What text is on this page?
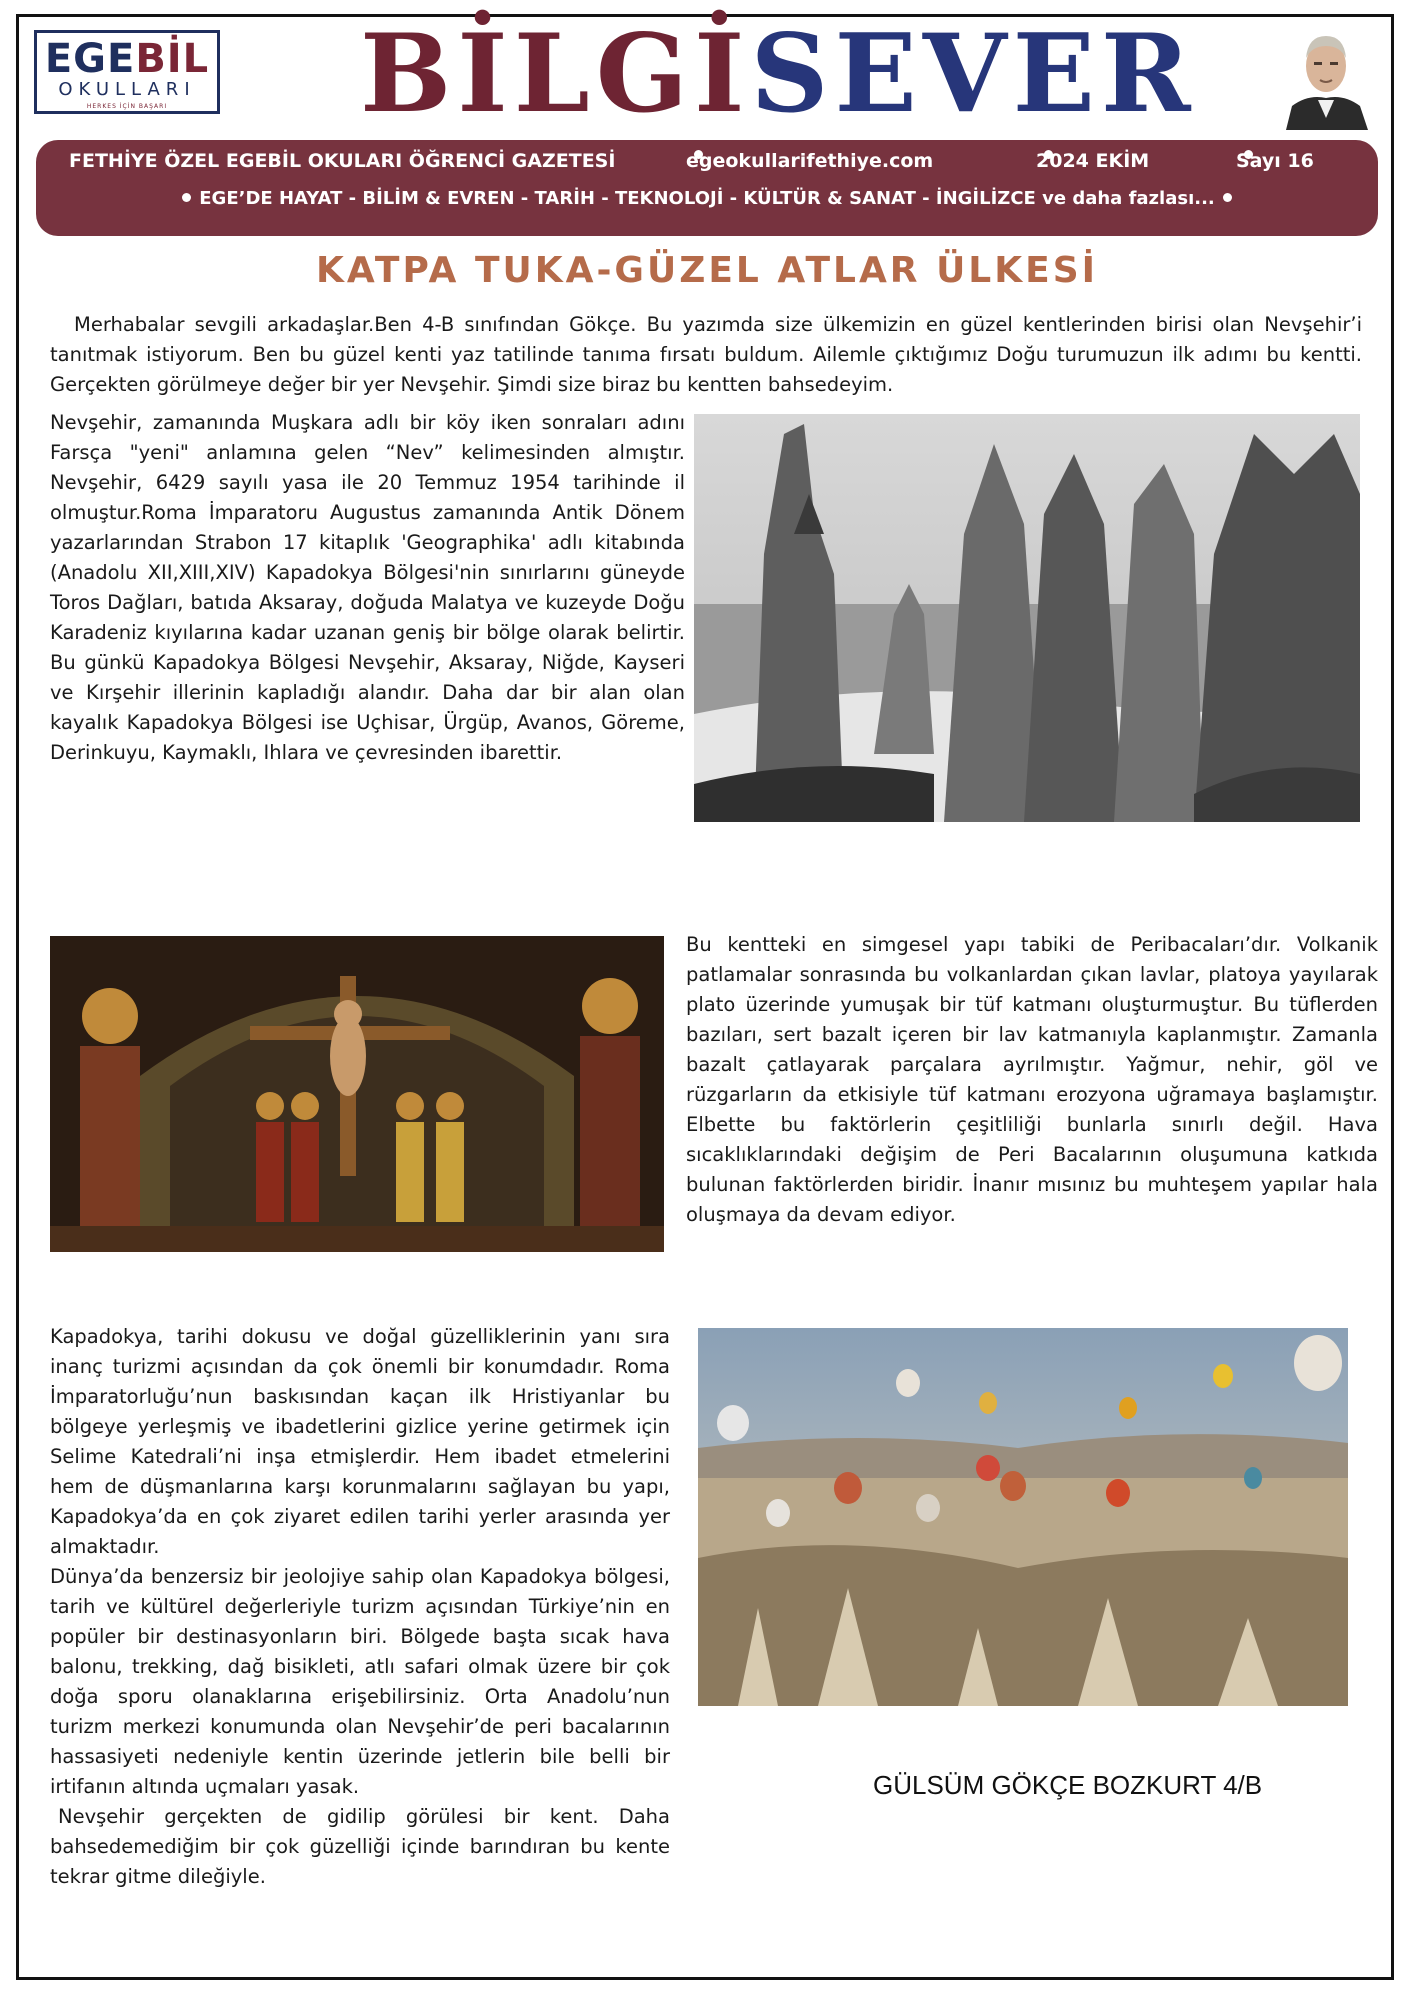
EGEBİL
OKULLARI
HERKES İÇİN BAŞARI	BİLGİSEVER
FETHİYE ÖZEL EGEBİL OKULARI ÖĞRENCİ GAZETESİ	egeokullarifethiye.com	2024 EKİM	Sayı 16
EGE’DE HAYAT - BİLİM & EVREN - TARİH - TEKNOLOJİ - KÜLTÜR & SANAT - İNGİLİZCE ve daha fazlası...
KATPA TUKA-GÜZEL ATLAR ÜLKESİ

Merhabalar sevgili arkadaşlar.Ben 4-B sınıfından Gökçe. Bu yazımda size ülkemizin en güzel kentlerinden birisi olan Nevşehir’i tanıtmak istiyorum. Ben bu güzel kenti yaz tatilinde tanıma fırsatı buldum. Ailemle çıktığımız Doğu turumuzun ilk adımı bu kentti. Gerçekten görülmeye değer bir yer Nevşehir. Şimdi size biraz bu kentten bahsedeyim.

Nevşehir, zamanında Muşkara adlı bir köy iken sonraları adını Farsça "yeni" anlamına gelen “Nev” kelimesinden almıştır. Nevşehir, 6429 sayılı yasa ile 20 Temmuz 1954 tarihinde il olmuştur.Roma İmparatoru Augustus zamanında Antik Dönem yazarlarından Strabon 17 kitaplık 'Geographika' adlı kitabında (Anadolu XII,XIII,XIV) Kapadokya Bölgesi'nin sınırlarını güneyde Toros Dağları, batıda Aksaray, doğuda Malatya ve kuzeyde Doğu Karadeniz kıyılarına kadar uzanan geniş bir bölge olarak belirtir. Bu günkü Kapadokya Bölgesi Nevşehir, Aksaray, Niğde, Kayseri ve Kırşehir illerinin kapladığı alandır. Daha dar bir alan olan kayalık Kapadokya Bölgesi ise Uçhisar, Ürgüp, Avanos, Göreme, Derinkuyu, Kaymaklı, Ihlara ve çevresinden ibarettir.

Bu kentteki en simgesel yapı tabiki de Peribacaları’dır. Volkanik patlamalar sonrasında bu volkanlardan çıkan lavlar, platoya yayılarak plato üzerinde yumuşak bir tüf katmanı oluşturmuştur. Bu tüflerden bazıları, sert bazalt içeren bir lav katmanıyla kaplanmıştır. Zamanla bazalt çatlayarak parçalara ayrılmıştır. Yağmur, nehir, göl ve rüzgarların da etkisiyle tüf katmanı erozyona uğramaya başlamıştır. Elbette bu faktörlerin çeşitliliği bunlarla sınırlı değil. Hava sıcaklıklarındaki değişim de Peri Bacalarının oluşumuna katkıda bulunan faktörlerden biridir. İnanır mısınız bu muhteşem yapılar hala oluşmaya da devam ediyor.

Kapadokya, tarihi dokusu ve doğal güzelliklerinin yanı sıra inanç turizmi açısından da çok önemli bir konumdadır. Roma İmparatorluğu’nun baskısından kaçan ilk Hristiyanlar bu bölgeye yerleşmiş ve ibadetlerini gizlice yerine getirmek için Selime Katedrali’ni inşa etmişlerdir. Hem ibadet etmelerini hem de düşmanlarına karşı korunmalarını sağlayan bu yapı, Kapadokya’da en çok ziyaret edilen tarihi yerler arasında yer almaktadır.

Dünya’da benzersiz bir jeolojiye sahip olan Kapadokya bölgesi, tarih ve kültürel değerleriyle turizm açısından Türkiye’nin en popüler bir destinasyonların biri. Bölgede başta sıcak hava balonu, trekking, dağ bisikleti, atlı safari olmak üzere bir çok doğa sporu olanaklarına erişebilirsiniz. Orta Anadolu’nun turizm merkezi konumunda olan Nevşehir’de peri bacalarının hassasiyeti nedeniyle kentin üzerinde jetlerin bile belli bir irtifanın altında uçmaları yasak.

Nevşehir gerçekten de gidilip görülesi bir kent. Daha bahsedemediğim bir çok güzelliği içinde barındıran bu kente tekrar gitme dileğiyle.

GÜLSÜM GÖKÇE BOZKURT 4/B
